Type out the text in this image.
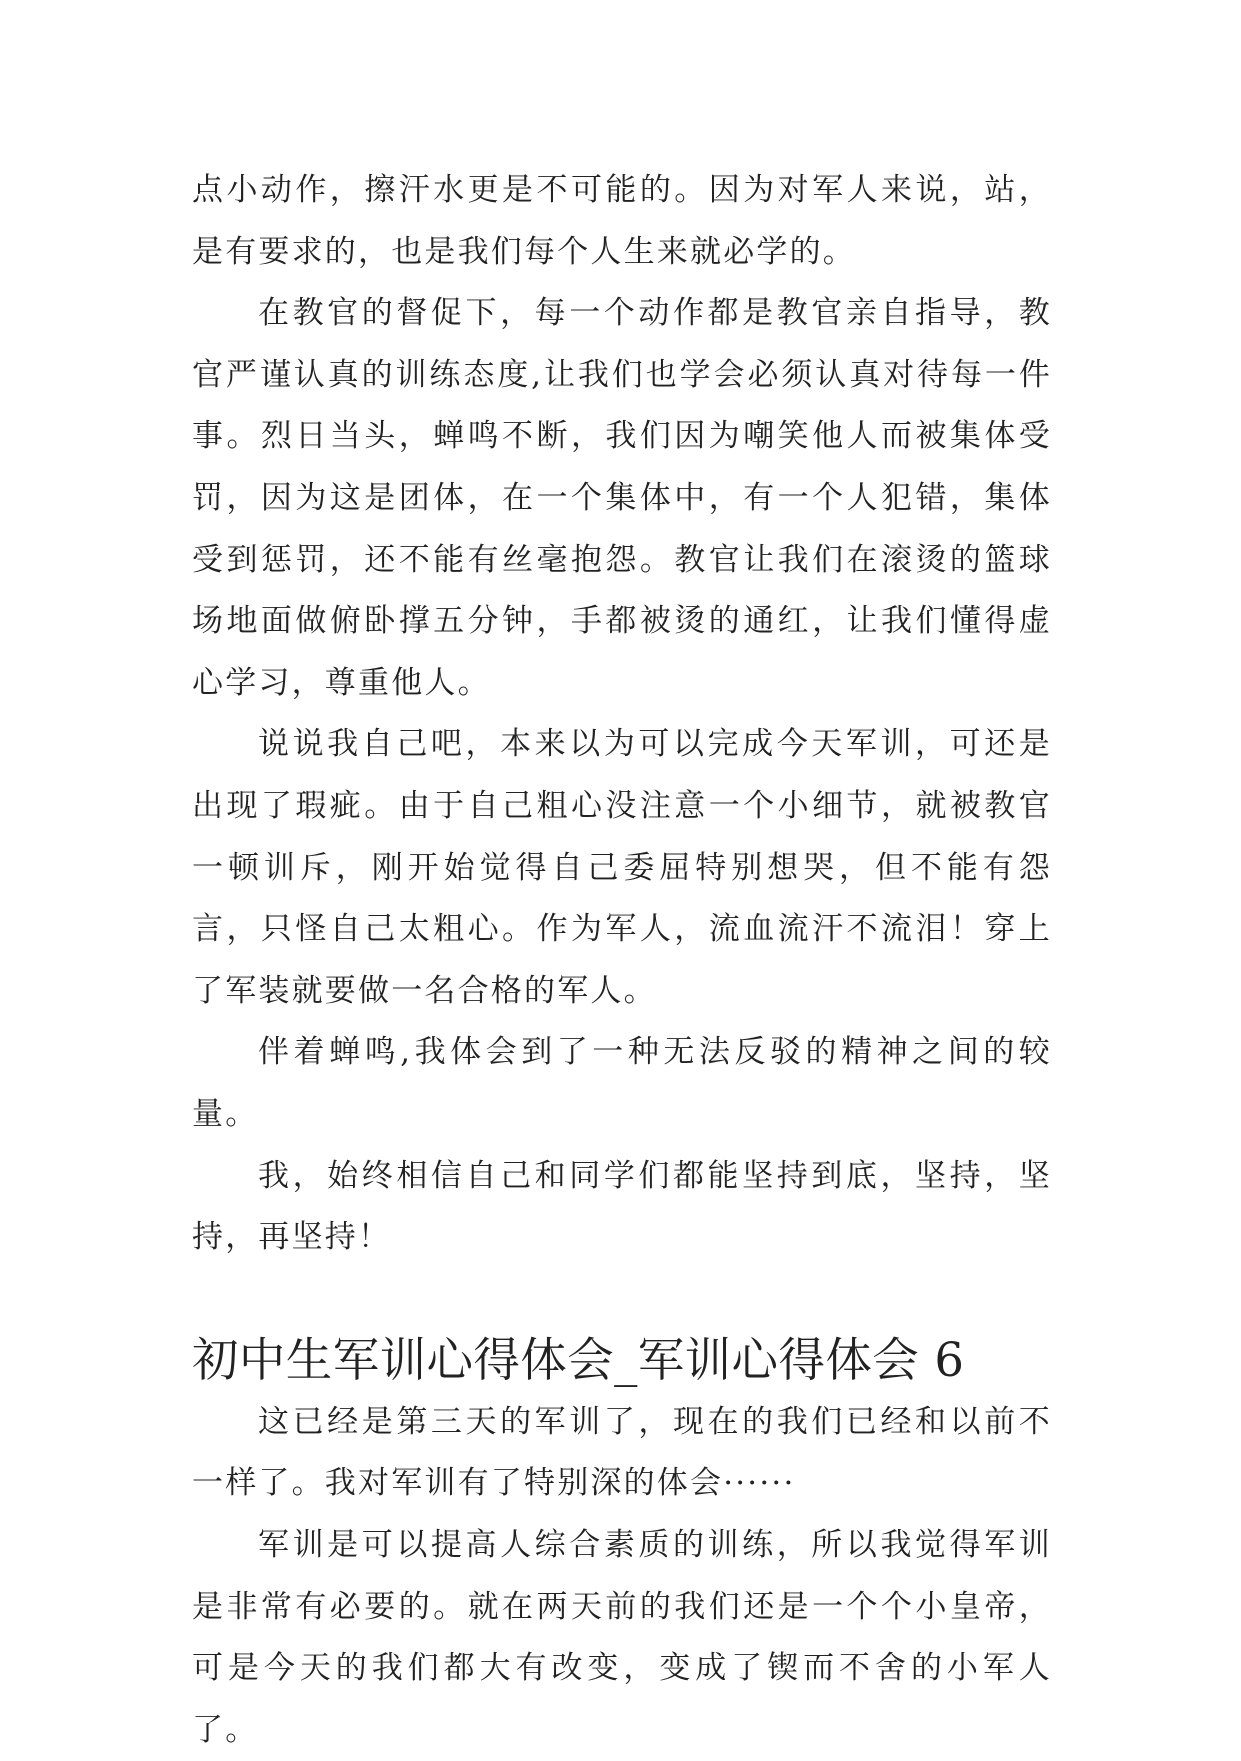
点小动作，擦汗水更是不可能的。因为对军人来说，站，是有要求的，也是我们每个人生来就必学的。

在教官的督促下，每一个动作都是教官亲自指导，教官严谨认真的训练态度,让我们也学会必须认真对待每一件事。烈日当头，蝉鸣不断，我们因为嘲笑他人而被集体受罚，因为这是团体，在一个集体中，有一个人犯错，集体受到惩罚，还不能有丝毫抱怨。教官让我们在滚烫的篮球场地面做俯卧撑五分钟，手都被烫的通红，让我们懂得虚心学习，尊重他人。

说说我自己吧，本来以为可以完成今天军训，可还是出现了瑕疵。由于自己粗心没注意一个小细节，就被教官一顿训斥，刚开始觉得自己委屈特别想哭，但不能有怨言，只怪自己太粗心。作为军人，流血流汗不流泪！穿上了军装就要做一名合格的军人。

伴着蝉鸣,我体会到了一种无法反驳的精神之间的较量。

我，始终相信自己和同学们都能坚持到底，坚持，坚持，再坚持！

初中生军训心得体会_军训心得体会 6

这已经是第三天的军训了，现在的我们已经和以前不一样了。我对军训有了特别深的体会······

军训是可以提高人综合素质的训练，所以我觉得军训是非常有必要的。就在两天前的我们还是一个个小皇帝，可是今天的我们都大有改变，变成了锲而不舍的小军人了。
